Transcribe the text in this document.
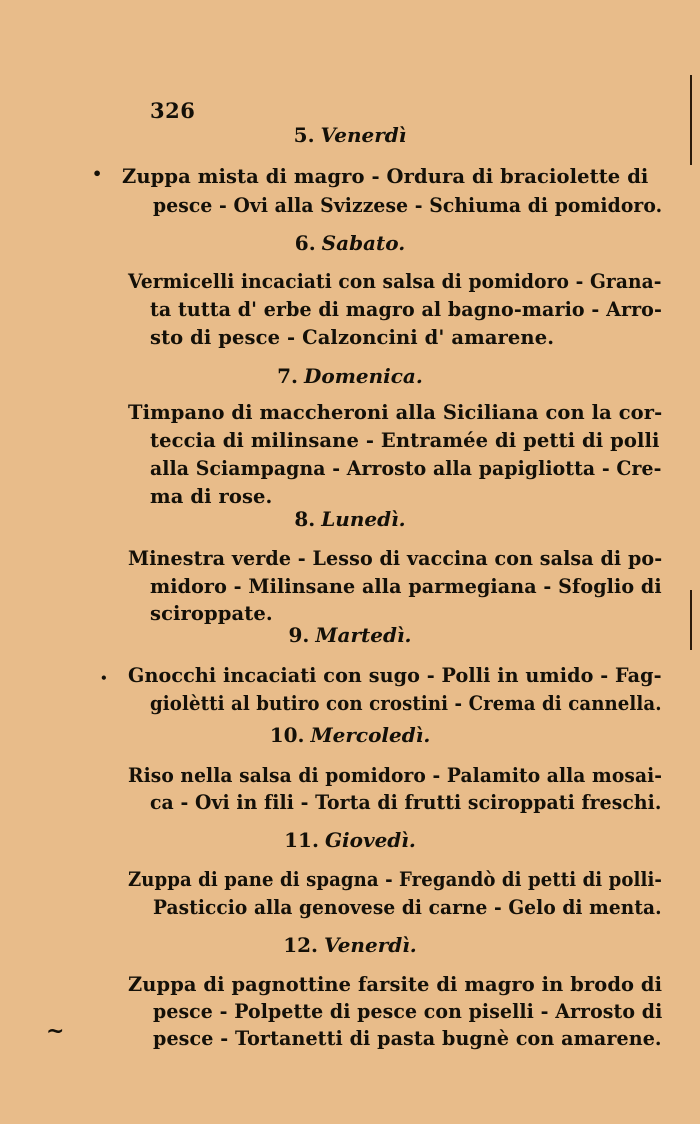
326
•
•
~
5. Venerdì
Zuppa mista di magro - Ordura di braciolette di
pesce - Ovi alla Svizzese - Schiuma di pomidoro.
6. Sabato.
Vermicelli incaciati con salsa di pomidoro - Grana-
ta tutta d' erbe di magro al bagno-mario - Arro-
sto di pesce - Calzoncini d' amarene.
7. Domenica.
Timpano di maccheroni alla Siciliana con la cor-
teccia di milinsane - Entramée di petti di polli
alla Sciampagna - Arrosto alla papigliotta - Cre-
ma di rose.
8. Lunedì.
Minestra verde - Lesso di vaccina con salsa di po-
midoro - Milinsane alla parmegiana - Sfoglio di
sciroppate.
9. Martedì.
Gnocchi incaciati con sugo - Polli in umido - Fag-
giolètti al butiro con crostini - Crema di cannella.
10. Mercoledì.
Riso nella salsa di pomidoro - Palamito alla mosai-
ca - Ovi in fili - Torta di frutti sciroppati freschi.
11. Giovedì.
Zuppa di pane di spagna - Fregandò di petti di polli-
Pasticcio alla genovese di carne - Gelo di menta.
12. Venerdì.
Zuppa di pagnottine farsite di magro in brodo di
pesce - Polpette di pesce con piselli - Arrosto di
pesce - Tortanetti di pasta bugnè con amarene.
